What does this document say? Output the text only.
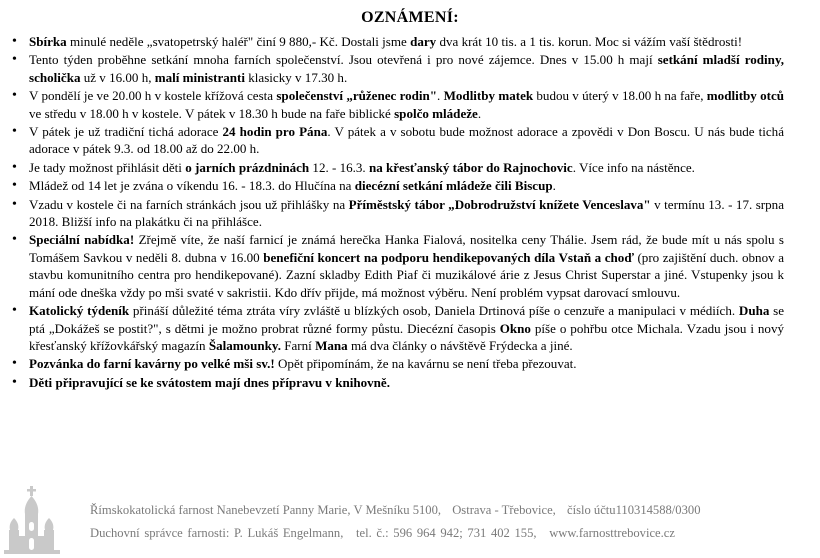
OZNÁMENÍ:
• Sbírka minulé neděle „svatopetrský haléř" činí 9 880,- Kč. Dostali jsme dary dva krát 10 tis. a 1 tis. korun. Moc si vážím vaší štědrosti!
• Tento týden proběhne setkání mnoha farních společenství. Jsou otevřená i pro nové zájemce. Dnes v 15.00 h mají setkání mladší rodiny, scholička už v 16.00 h, malí ministranti klasicky v 17.30 h.
• V pondělí je ve 20.00 h v kostele křížová cesta společenství „růženec rodin". Modlitby matek budou v úterý v 18.00 h na faře, modlitby otců ve středu v 18.00 h v kostele. V pátek v 18.30 h bude na faře biblické spolčo mládeže.
• V pátek je už tradiční tichá adorace 24 hodin pro Pána. V pátek a v sobotu bude možnost adorace a zpovědi v Don Boscu. U nás bude tichá adorace v pátek 9.3. od 18.00 až do 22.00 h.
• Je tady možnost přihlásit děti o jarních prázdninách 12. - 16.3. na křesťanský tábor do Rajnochovic. Více info na nástěnce.
• Mládež od 14 let je zvána o víkendu 16. - 18.3. do Hlučína na diecézní setkání mládeže čili Biscup.
• Vzadu v kostele či na farních stránkách jsou už přihlášky na Příměstský tábor „Dobrodružství knížete Venceslava" v termínu 13. - 17. srpna 2018. Bližší info na plakátku či na přihlášce.
• Speciální nabídka! Zřejmě víte, že naší farnicí je známá herečka Hanka Fialová, nositelka ceny Thálie. Jsem rád, že bude mít u nás spolu s Tomášem Savkou v neděli 8. dubna v 16.00 benefiční koncert na podporu hendikepovaných díla Vstaň a choď (pro zajištění duch. obnov a stavbu komunitního centra pro hendikepované). Zazní skladby Edith Piaf či muzikálové árie z Jesus Christ Superstar a jiné. Vstupenky jsou k mání ode dneška vždy po mši svaté v sakristii. Kdo dřív přijde, má možnost výběru. Není problém vypsat darovací smlouvu.
• Katolický týdeník přináší důležité téma ztráta víry zvláště u blízkých osob, Daniela Drtinová píše o cenzuře a manipulaci v médiích. Duha se ptá „Dokážeš se postit?", s dětmi je možno probrat různé formy půstu. Diecézní časopis Okno píše o pohřbu otce Michala. Vzadu jsou i nový křesťanský křížovkářský magazín Šalamounky. Farní Mana má dva články o návštěvě Frýdecka a jiné.
• Pozvánka do farní kavárny po velké mši sv.! Opět připomínám, že na kavárnu se není třeba přezouvat.
• Děti připravující se ke svátostem mají dnes přípravu v knihovně.
Římskokatolická farnost Nanebevzetí Panny Marie, V Mešníku 5100, Ostrava - Třebovice, číslo účtu110314588/0300
Duchovní správce farnosti: P. Lukáš Engelmann, tel. č.: 596 964 942; 731 402 155, www.farnosttrebovice.cz
